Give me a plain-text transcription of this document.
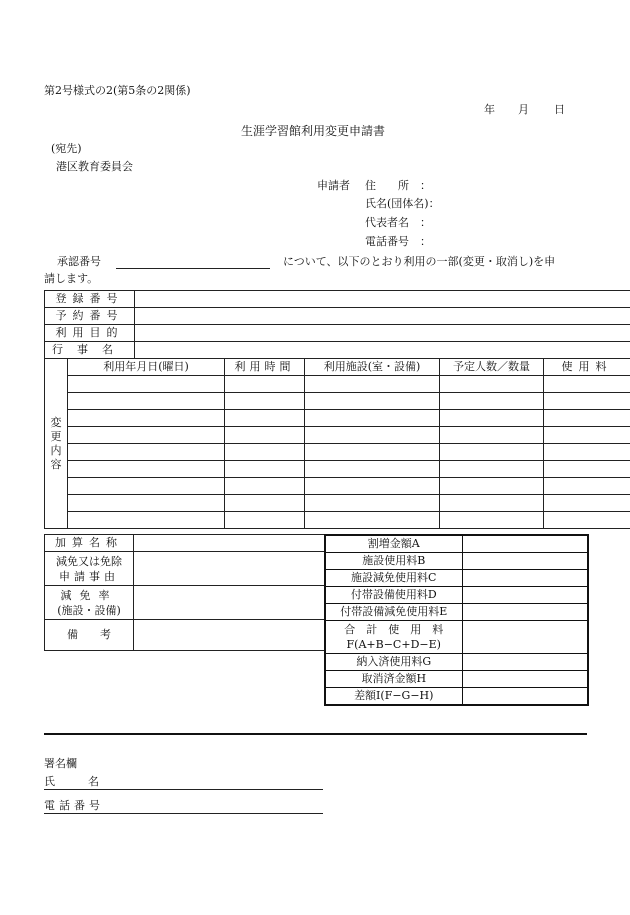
第2号様式の2(第5条の2関係)
年 月 日
生涯学習館利用変更申請書
(宛先)
港区教育委員会
申請者 住　　所　：
氏名(団体名)：
代表者名　：
電話番号　：
承認番号	について、以下のとおり利用の一部(変更・取消し)を申
請します。
登録番号						
予約番号						
利用目的						
行事名						
変
更
内
容	利用年月日(曜日)		利用時間	利用施設(室・設備)	予定人数／数量	使用料

加算名称	
減免又は免除
申請事由	
減免率
(施設・設備)	
備　　考	
割増金額A	
施設使用料B	
施設減免使用料C	
付帯設備使用料D	
付帯設備減免使用料E	
合　計　使　用　料
F(A+B−C+D−E)	
納入済使用料G	
取消済金額H	
差額I(F−G−H)	
署名欄
氏　　　名
電話番号
